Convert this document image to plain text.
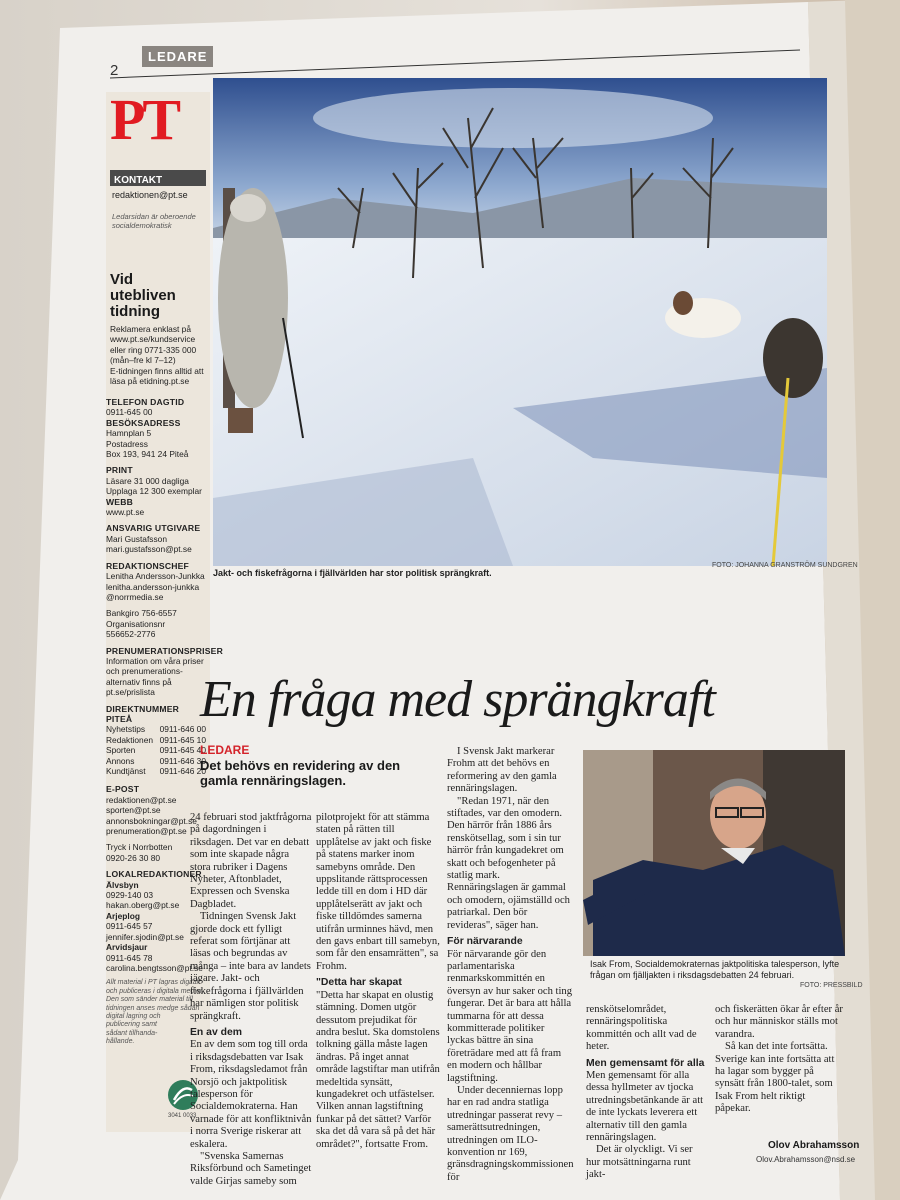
2
LEDARE
PT
KONTAKT
redaktionen@pt.se
Ledarsidan är oberoende socialdemokratisk
Vid utebliven tidning
Reklamera enklast på
www.pt.se/kundservice
eller ring 0771-335 000
(mån–fre kl 7–12)
E-tidningen finns alltid att
läsa på etidning.pt.se
TELEFON DAGTID
0911-645 00
BESÖKSADRESS
Hamnplan 5
Postadress
Box 193, 941 24 Piteå
PRINT
Läsare 31 000 dagliga
Upplaga 12 300 exemplar
WEBB
www.pt.se
ANSVARIG UTGIVARE
Mari Gustafsson
mari.gustafsson@pt.se
REDAKTIONSCHEF
Lenitha Andersson-Junkka
lenitha.andersson-junkka
@norrmedia.se
Bankgiro 756-6557
Organisationsnr
556652-2776
PRENUMERATIONSPRISER
Information om våra priser
och prenumerations-
alternativ finns på
pt.se/prislista
DIREKTNUMMER PITEÅ
Nyhetstips 0911-646 00
Redaktionen 0911-645 10
Sporten	0911-645 40
Annons	0911-646 30
Kundtjänst 0911-646 20
E-POST
redaktionen@pt.se
sporten@pt.se
annonsbokningar@pt.se
prenumeration@pt.se
Tryck i Norrbotten
0920-26 30 80
LOKALREDAKTIONER
Älvsbyn
0929-140 03
hakan.oberg@pt.se
Arjeplog
0911-645 57
jennifer.sjodin@pt.se
Arvidsjaur
0911-645 78
carolina.bengtsson@pt.se
Allt material i PT lagras digitalt
och publiceras i digitala medier.
Den som sänder material till
tidningen anses medge sådan
digital lagring och
publicering samt
sådant tillhanda-
hållande.
3041 0033
Jakt- och fiskefrågorna i fjällvärlden har stor politisk sprängkraft.
FOTO: JOHANNA GRANSTRÖM SUNDGREN
En fråga med sprängkraft
LEDARE
Det behövs en revidering av den gamla rennäringslagen.

24 februari stod jaktfrågorna på dagordningen i riksdagen. Det var en debatt som inte skapade några stora rubriker i Dagens Nyheter, Aftonbladet, Expressen och Svenska Dagbladet.

Tidningen Svensk Jakt gjorde dock ett fylligt referat som förtjänar att läsas och begrundas av många – inte bara av landets jägare. Jakt- och fiskefrågorna i fjällvärlden har nämligen stor politisk sprängkraft.

En av dem

En av dem som tog till orda i riksdagsdebatten var Isak From, riksdagsledamot från Norsjö och jaktpolitisk talesperson för Socialdemokraterna. Han varnade för att konfliktnivån i norra Sverige riskerar att eskalera.

"Svenska Samernas Riksförbund och Sametinget valde Girjas sameby som

pilotprojekt för att stämma staten på rätten till upplåtelse av jakt och fiske på statens marker inom samebyns område. Den uppslitande rättsprocessen ledde till en dom i HD där upplåtelserätt av jakt och fiske tilldömdes samerna utifrån urminnes hävd, men den gavs enbart till samebyn, som får den ensamrätten", sa Frohm.

"Detta har skapat

"Detta har skapat en olustig stämning. Domen utgör dessutom prejudikat för andra beslut. Ska domstolens tolkning gälla måste lagen ändras. På inget annat område lagstiftar man utifrån medeltida synsätt, kungadekret och utfästelser. Vilken annan lagstiftning funkar på det sättet? Varför ska det då vara så på det här området?", fortsatte From.

I Svensk Jakt markerar Frohm att det behövs en reformering av den gamla rennäringslagen.

"Redan 1971, när den stiftades, var den omodern. Den härrör från 1886 års renskötsellag, som i sin tur härrör från kungadekret om skatt och befogenheter på statlig mark. Rennäringslagen är gammal och omodern, ojämställd och patriarkal. Den bör revideras", säger han.

För närvarande

För närvarande gör den parlamentariska renmarkskommittén en översyn av hur saker och ting fungerar. Det är bara att hålla tummarna för att dessa kommitterade politiker lyckas bättre än sina företrädare med att få fram en modern och hållbar lagstiftning.

Under decenniernas lopp har en rad andra statliga utredningar passerat revy – samerättsutredningen, utredningen om ILO-konvention nr 169, gränsdragningskommissionen för

Isak From, Socialdemokraternas jaktpolitiska talesperson, lyfte frågan om fjälljakten i riksdagsdebatten 24 februari.
FOTO: PRESSBILD

renskötselområdet, rennäringspolitiska kommittén och allt vad de heter.

Men gemensamt för alla

Men gemensamt för alla dessa hyllmeter av tjocka utredningsbetänkande är att de inte lyckats leverera ett alternativ till den gamla rennäringslagen.

Det är olyckligt. Vi ser hur motsättningarna runt jakt-

och fiskerätten ökar år efter år och hur människor ställs mot varandra.

Så kan det inte fortsätta. Sverige kan inte fortsätta att ha lagar som bygger på synsätt från 1800-talet, som Isak From helt riktigt påpekar.

Olov Abrahamsson
Olov.Abrahamsson@nsd.se
